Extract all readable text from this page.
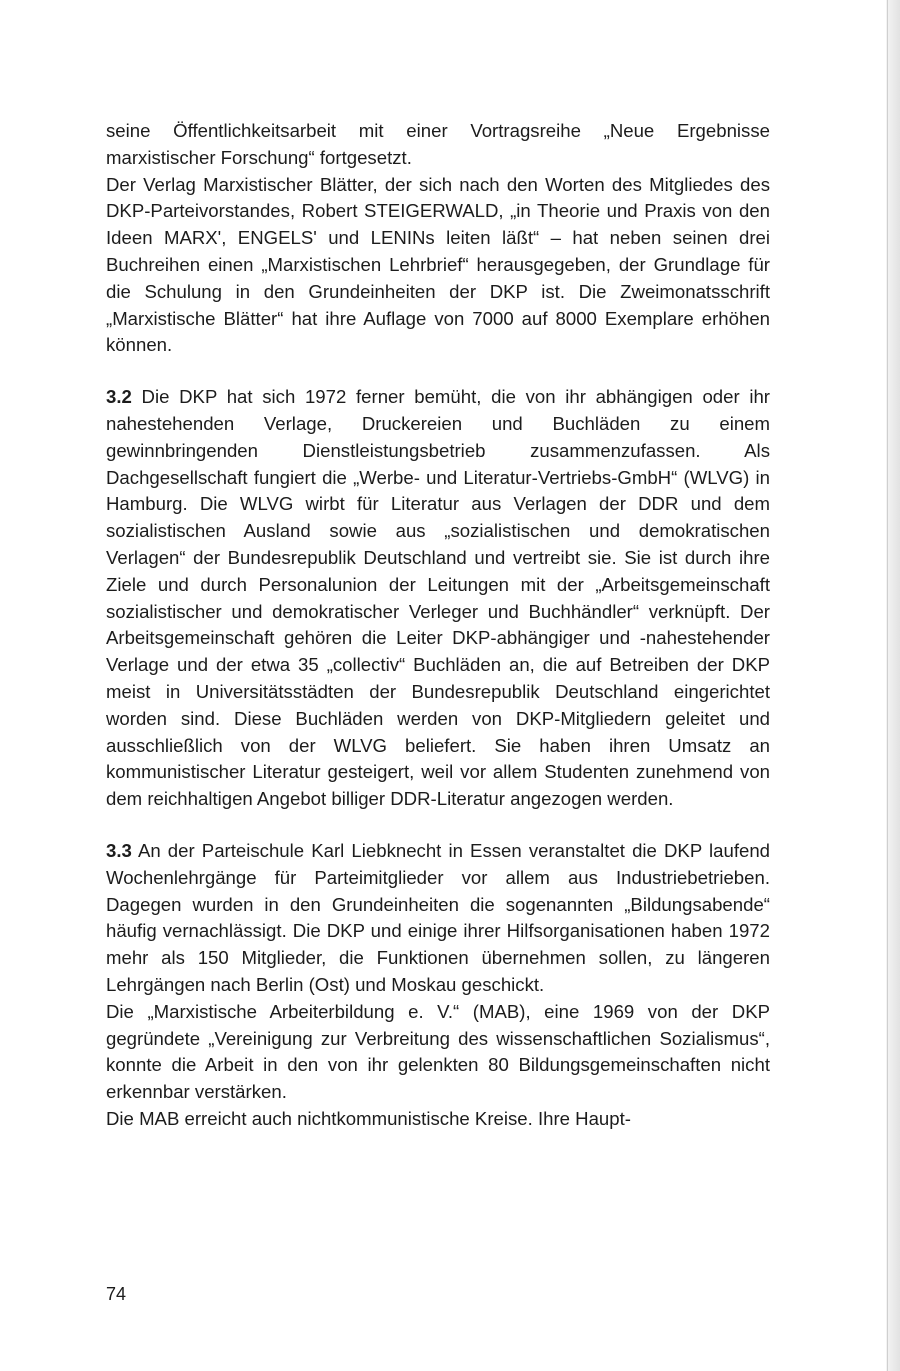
seine Öffentlichkeitsarbeit mit einer Vortragsreihe „Neue Ergebnisse marxistischer Forschung“ fortgesetzt.

Der Verlag Marxistischer Blätter, der sich nach den Worten des Mitgliedes des DKP-Parteivorstandes, Robert STEIGERWALD, „in Theorie und Praxis von den Ideen MARX', ENGELS' und LENINs leiten läßt“ – hat neben seinen drei Buchreihen einen „Marxistischen Lehrbrief“ herausgegeben, der Grundlage für die Schulung in den Grundeinheiten der DKP ist. Die Zweimonatsschrift „Marxistische Blätter“ hat ihre Auflage von 7000 auf 8000 Exemplare erhöhen können.

3.2 Die DKP hat sich 1972 ferner bemüht, die von ihr abhängigen oder ihr nahestehenden Verlage, Druckereien und Buchläden zu einem gewinnbringenden Dienstleistungsbetrieb zusammenzufassen. Als Dachgesellschaft fungiert die „Werbe- und Literatur-Vertriebs-GmbH“ (WLVG) in Hamburg. Die WLVG wirbt für Literatur aus Verlagen der DDR und dem sozialistischen Ausland sowie aus „sozialistischen und demokratischen Verlagen“ der Bundesrepublik Deutschland und vertreibt sie. Sie ist durch ihre Ziele und durch Personalunion der Leitungen mit der „Arbeitsgemeinschaft sozialistischer und demokratischer Verleger und Buchhändler“ verknüpft. Der Arbeitsgemeinschaft gehören die Leiter DKP-abhängiger und -nahestehender Verlage und der etwa 35 „collectiv“ Buchläden an, die auf Betreiben der DKP meist in Universitätsstädten der Bundesrepublik Deutschland eingerichtet worden sind. Diese Buchläden werden von DKP-Mitgliedern geleitet und ausschließlich von der WLVG beliefert. Sie haben ihren Umsatz an kommunistischer Literatur gesteigert, weil vor allem Studenten zunehmend von dem reichhaltigen Angebot billiger DDR-Literatur angezogen werden.

3.3 An der Parteischule Karl Liebknecht in Essen veranstaltet die DKP laufend Wochenlehrgänge für Parteimitglieder vor allem aus Industriebetrieben. Dagegen wurden in den Grundeinheiten die sogenannten „Bildungsabende“ häufig vernachlässigt. Die DKP und einige ihrer Hilfsorganisationen haben 1972 mehr als 150 Mitglieder, die Funktionen übernehmen sollen, zu längeren Lehrgängen nach Berlin (Ost) und Moskau geschickt.

Die „Marxistische Arbeiterbildung e. V.“ (MAB), eine 1969 von der DKP gegründete „Vereinigung zur Verbreitung des wissenschaftlichen Sozialismus“, konnte die Arbeit in den von ihr gelenkten 80 Bildungsgemeinschaften nicht erkennbar verstärken.

Die MAB erreicht auch nichtkommunistische Kreise. Ihre Haupt-

74
